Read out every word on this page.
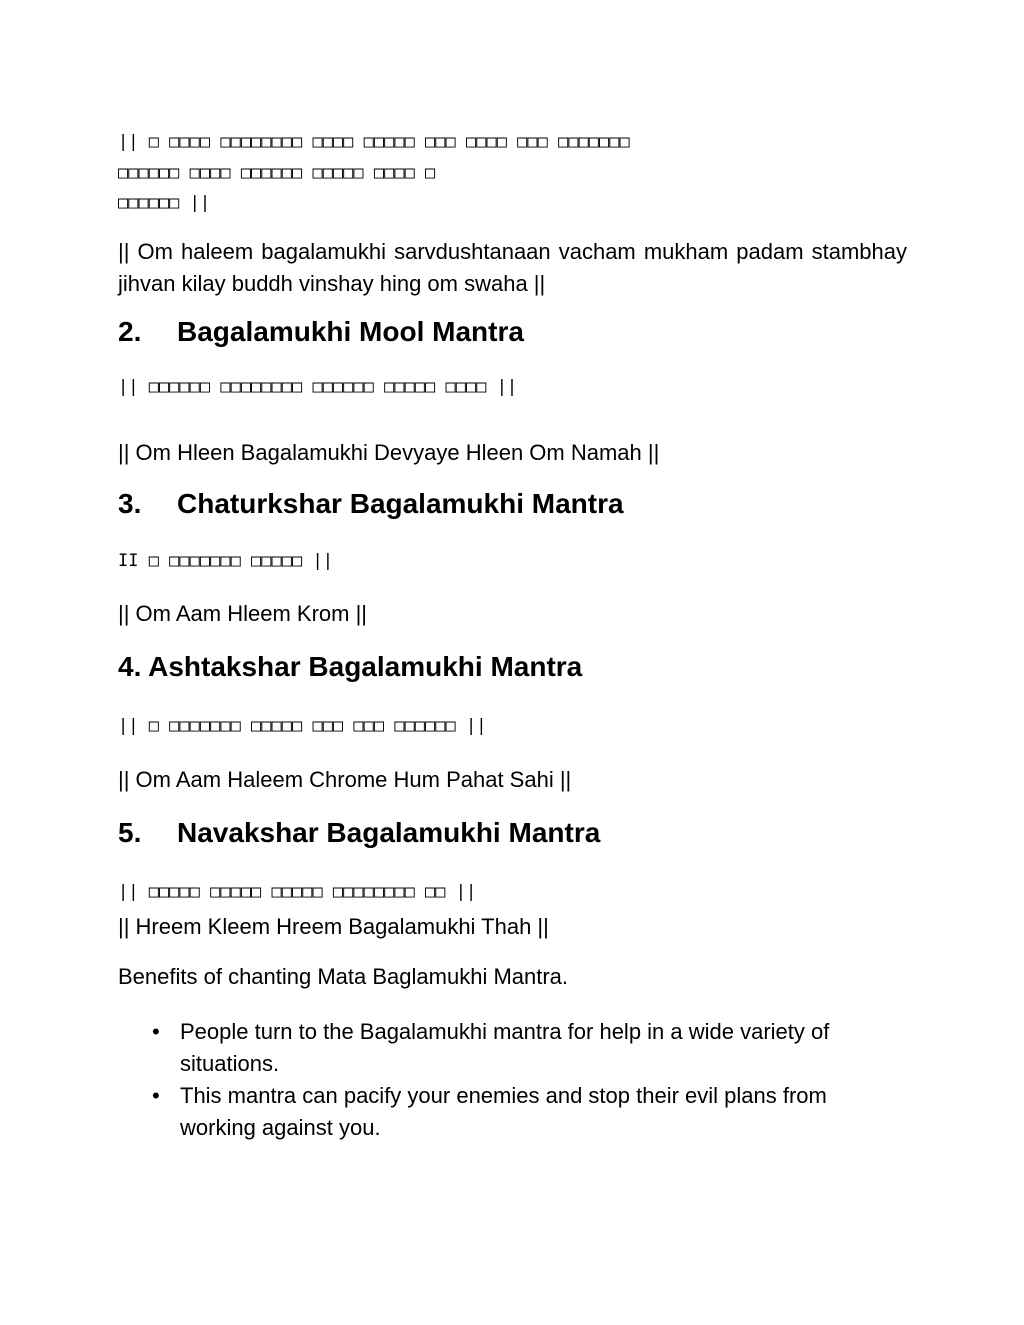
|| □ □□□□ □□□□□□□□ □□□□ □□□□□ □□□ □□□□ □□□ □□□□□□□
□□□□□□ □□□□ □□□□□□ □□□□□ □□□□ □
□□□□□□ ||
|| Om haleem bagalamukhi sarvdushtanaan vacham mukham padam stambhay jihvan kilay buddh vinshay hing om swaha ||
2. Bagalamukhi Mool Mantra
|| □□□□□□ □□□□□□□□ □□□□□□ □□□□□ □□□□ ||
|| Om Hleen Bagalamukhi Devyaye Hleen Om Namah ||
3. Chaturkshar Bagalamukhi Mantra
II □ □□□□□□□ □□□□□ ||
|| Om Aam Hleem Krom ||
4. Ashtakshar Bagalamukhi Mantra
|| □ □□□□□□□ □□□□□ □□□ □□□ □□□□□□ ||
|| Om Aam Haleem Chrome Hum Pahat Sahi ||
5. Navakshar Bagalamukhi Mantra
|| □□□□□ □□□□□ □□□□□ □□□□□□□□ □□ ||
|| Hreem Kleem Hreem Bagalamukhi Thah ||
Benefits of chanting Mata Baglamukhi Mantra.
• People turn to the Bagalamukhi mantra for help in a wide variety of situations.
• This mantra can pacify your enemies and stop their evil plans from working against you.
